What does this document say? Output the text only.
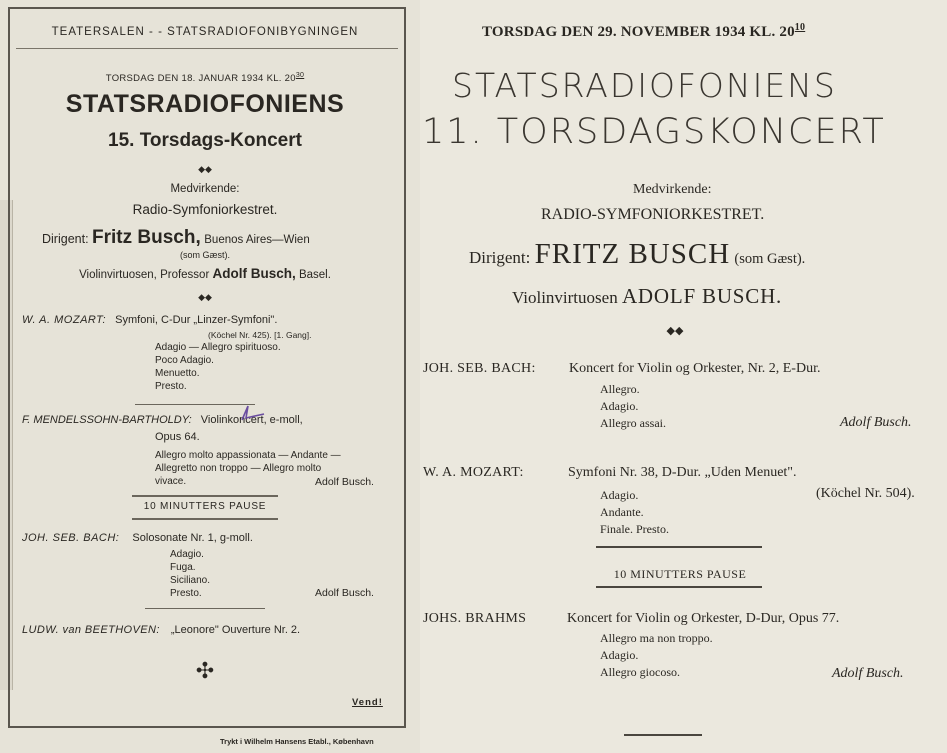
TEATERSALEN - - STATSRADIOFONIBYGNINGEN
TORSDAG DEN 18. JANUAR 1934 KL. $20^{30}$
STATSRADIOFONIENS
15. Torsdags-Koncert
◆◆
Medvirkende:
Radio-Symfoniorkestret.
Dirigent: Fritz Busch, Buenos Aires—Wien
(som Gæst).
Violinvirtuosen, Professor Adolf Busch, Basel.
◆◆
W. A. MOZART: Symfoni, C-Dur „Linzer-Symfoni".
(Köchel Nr. 425). [1. Gang].
Adagio — Allegro spirituoso.
Poco Adagio.
Menuetto.
Presto.
F. MENDELSSOHN-BARTHOLDY: Violinkoncert, e-moll,
Opus 64.
Allegro molto appassionata — Andante —
Allegretto non troppo — Allegro molto
vivace.	Adolf Busch.
10 MINUTTERS PAUSE
JOH. SEB. BACH: Solosonate Nr. 1, g-moll.
Adagio.
Fuga.
Siciliano.
Presto.	Adolf Busch.
LUDW. van BEETHOVEN: „Leonore" Ouverture Nr. 2.
✣
Vend!
Trykt i Wilhelm Hansens Etabl., København
TORSDAG DEN 29. NOVEMBER 1934 KL. $20^{10}$
STATSRADIOFONIENS
11. TORSDAGSKONCERT
Medvirkende:
RADIO-SYMFONIORKESTRET.
Dirigent: FRITZ BUSCH (som Gæst).
Violinvirtuosen ADOLF BUSCH.
◆◆
JOH. SEB. BACH: Koncert for Violin og Orkester, Nr. 2, E-Dur.
Allegro.
Adagio.
Allegro assai.	Adolf Busch.
W. A. MOZART:	Symfoni Nr. 38, D-Dur. „Uden Menuet".
(Köchel Nr. 504).
Adagio.
Andante.
Finale. Presto.
10 MINUTTERS PAUSE
JOHS. BRAHMS	Koncert for Violin og Orkester, D-Dur, Opus 77.
Allegro ma non troppo.
Adagio.
Allegro giocoso.	Adolf Busch.
